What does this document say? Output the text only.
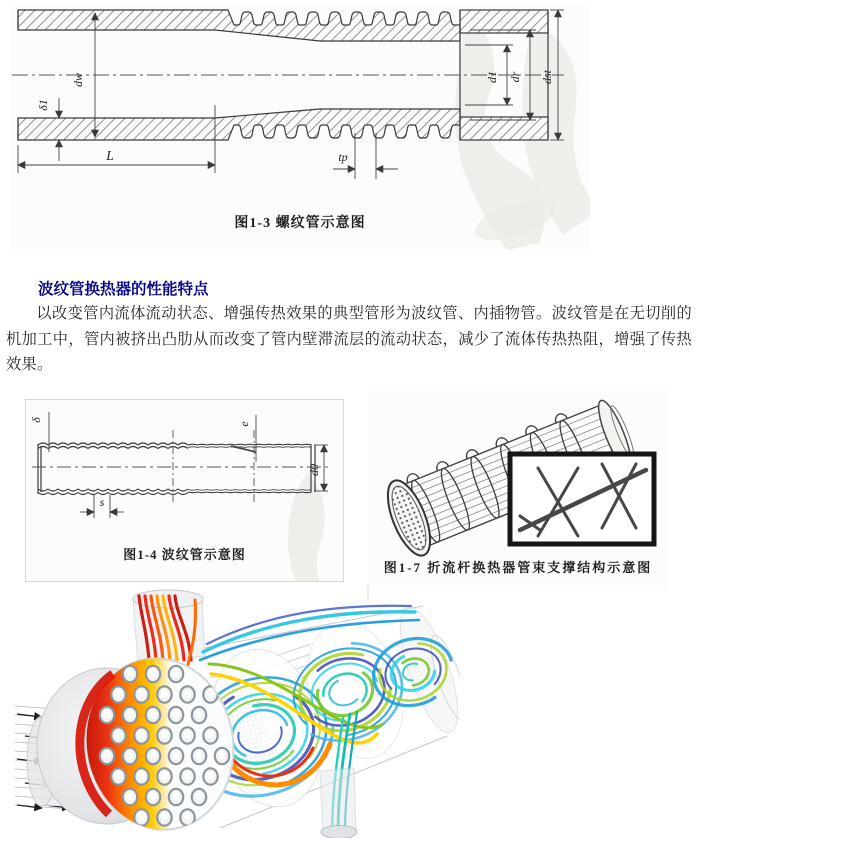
dw
δ1
L	tp
d1 dr dst
图1-3 螺纹管示意图
波纹管换热器的性能特点
以改变管内流体流动状态、增强传热效果的典型管形为波纹管、内插物管。波纹管是在无切削的机加工中，管内被挤出凸肋从而改变了管内壁滞流层的流动状态，减少了流体传热热阻，增强了传热效果。
δ
s
e
d0
图1-4 波纹管示意图
图1-7 折流杆换热器管束支撑结构示意图
